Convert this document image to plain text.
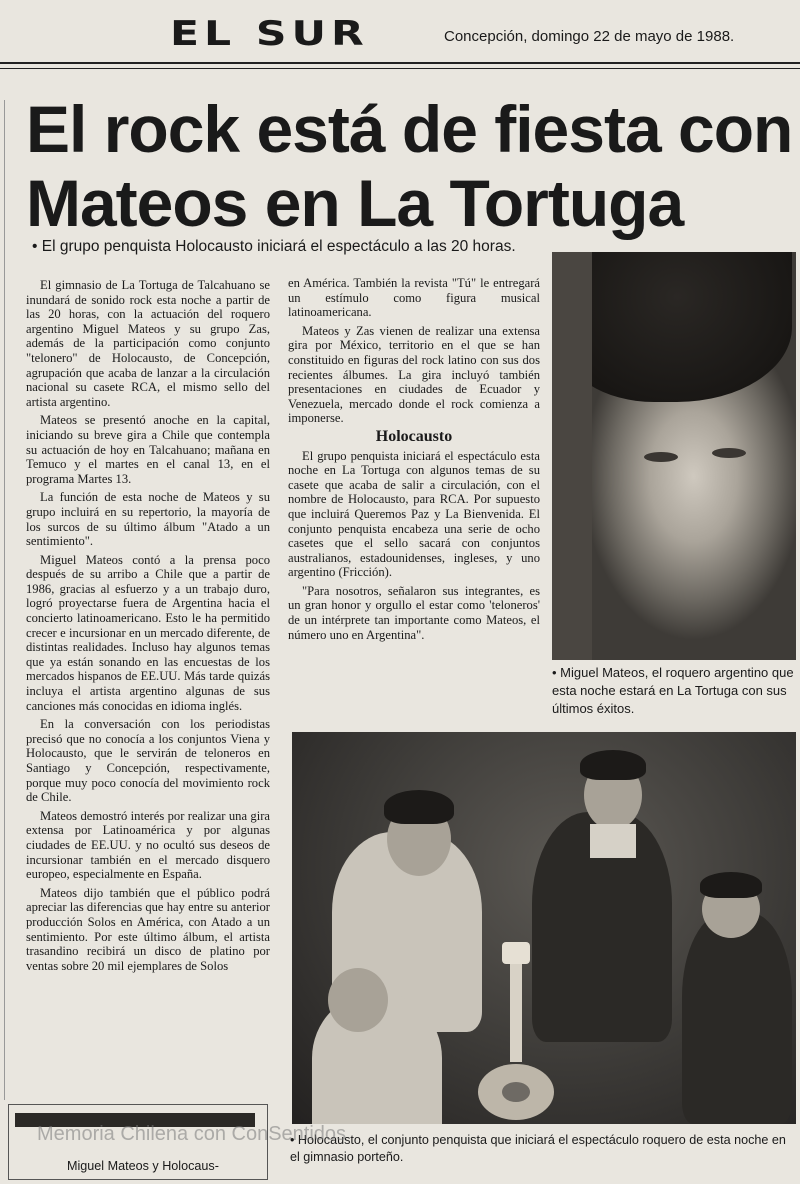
EL SUR	Concepción, domingo 22 de mayo de 1988.
El rock está de fiesta con Mateos en La Tortuga
• El grupo penquista Holocausto iniciará el espectáculo a las 20 horas.

El gimnasio de La Tortuga de Talcahuano se inundará de sonido rock esta noche a partir de las 20 horas, con la actuación del roquero argentino Miguel Mateos y su grupo Zas, además de la participación como conjunto "telonero" de Holocausto, de Concepción, agrupación que acaba de lanzar a la circulación nacional su casete RCA, el mismo sello del artista argentino.

Mateos se presentó anoche en la capital, iniciando su breve gira a Chile que contempla su actuación de hoy en Talcahuano; mañana en Temuco y el martes en el canal 13, en el programa Martes 13.

La función de esta noche de Mateos y su grupo incluirá en su repertorio, la mayoría de los surcos de su último álbum "Atado a un sentimiento".

Miguel Mateos contó a la prensa poco después de su arribo a Chile que a partir de 1986, gracias al esfuerzo y a un trabajo duro, logró proyectarse fuera de Argentina hacia el concierto latinoamericano. Esto le ha permitido crecer e incursionar en un mercado diferente, de distintas realidades. Incluso hay algunos temas que ya están sonando en las encuestas de los mercados hispanos de EE.UU. Más tarde quizás incluya el artista argentino algunas de sus canciones más conocidas en idioma inglés.

En la conversación con los periodistas precisó que no conocía a los conjuntos Viena y Holocausto, que le servirán de teloneros en Santiago y Concepción, respectivamente, porque muy poco conocía del movimiento rock de Chile.

Mateos demostró interés por realizar una gira extensa por Latinoamérica y por algunas ciudades de EE.UU. y no ocultó sus deseos de incursionar también en el mercado disquero europeo, especialmente en España.

Mateos dijo también que el público podrá apreciar las diferencias que hay entre su anterior producción Solos en América, con Atado a un sentimiento. Por este último álbum, el artista trasandino recibirá un disco de platino por ventas sobre 20 mil ejemplares de Solos

en América. También la revista "Tú" le entregará un estímulo como figura musical latinoamericana.

Mateos y Zas vienen de realizar una extensa gira por México, territorio en el que se han constituido en figuras del rock latino con sus dos recientes álbumes. La gira incluyó también presentaciones en ciudades de Ecuador y Venezuela, mercado donde el rock comienza a imponerse.

Holocausto

El grupo penquista iniciará el espectáculo esta noche en La Tortuga con algunos temas de su casete que acaba de salir a circulación, con el nombre de Holocausto, para RCA. Por supuesto que incluirá Queremos Paz y La Bienvenida. El conjunto penquista encabeza una serie de ocho casetes que el sello sacará con conjuntos australianos, estadounidenses, ingleses, y uno argentino (Fricción).

"Para nosotros, señalaron sus integrantes, es un gran honor y orgullo el estar como 'teloneros' de un intérprete tan importante como Mateos, el número uno en Argentina".

• Miguel Mateos, el roquero argentino que esta noche estará en La Tortuga con sus últimos éxitos.
• Holocausto, el conjunto penquista que iniciará el espectáculo roquero de esta noche en el gimnasio porteño.
Memoria Chilena con ConSentidos
Miguel Mateos y Holocaus-
